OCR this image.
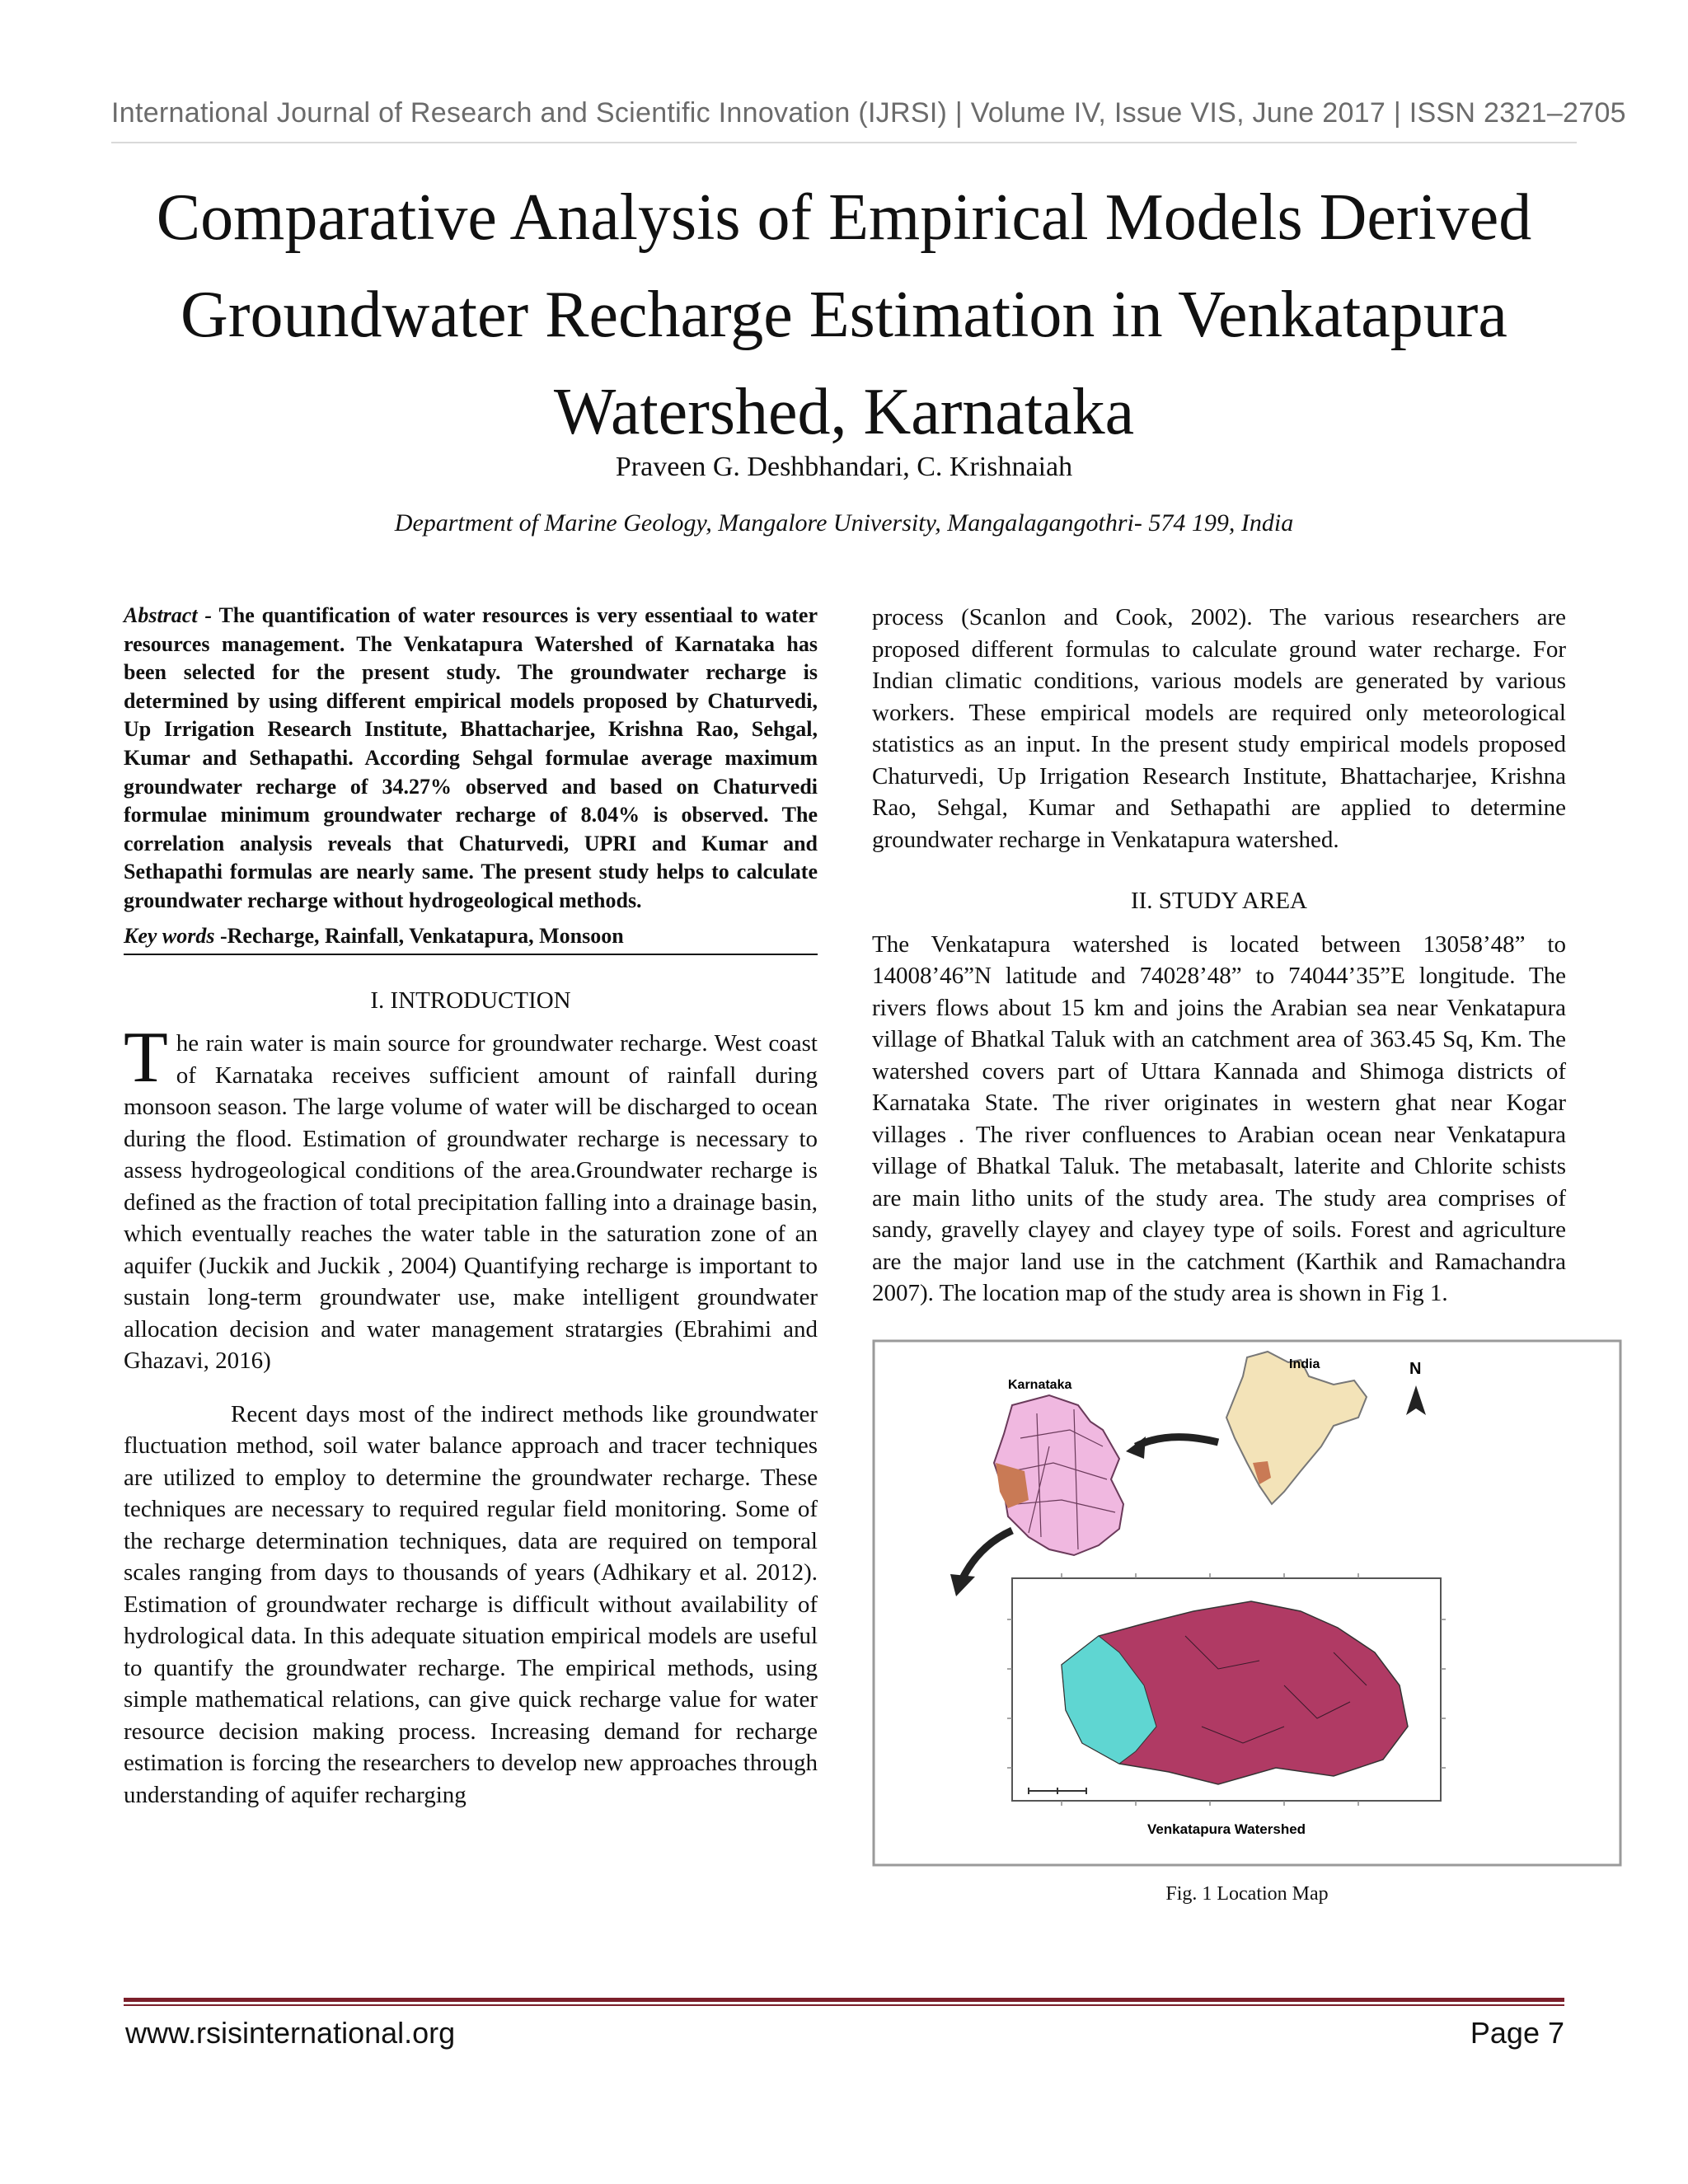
International Journal of Research and Scientific Innovation (IJRSI) | Volume IV, Issue VIS, June 2017 | ISSN 2321–2705
Comparative Analysis of Empirical Models Derived Groundwater Recharge Estimation in Venkatapura Watershed, Karnataka
Praveen G. Deshbhandari, C. Krishnaiah
Department of Marine Geology, Mangalore University, Mangalagangothri- 574 199, India

Abstract - The quantification of water resources is very essentiaal to water resources management. The Venkatapura Watershed of Karnataka has been selected for the present study. The groundwater recharge is determined by using different empirical models proposed by Chaturvedi, Up Irrigation Research Institute, Bhattacharjee, Krishna Rao, Sehgal, Kumar and Sethapathi. According Sehgal formulae average maximum groundwater recharge of 34.27% observed and based on Chaturvedi formulae minimum groundwater recharge of 8.04% is observed. The correlation analysis reveals that Chaturvedi, UPRI and Kumar and Sethapathi formulas are nearly same. The present study helps to calculate groundwater recharge without hydrogeological methods.

Key words -Recharge, Rainfall, Venkatapura, Monsoon

I. INTRODUCTION

The rain water is main source for groundwater recharge. West coast of Karnataka receives sufficient amount of rainfall during monsoon season. The large volume of water will be discharged to ocean during the flood. Estimation of groundwater recharge is necessary to assess hydrogeological conditions of the area.Groundwater recharge is defined as the fraction of total precipitation falling into a drainage basin, which eventually reaches the water table in the saturation zone of an aquifer (Juckik and Juckik , 2004) Quantifying recharge is important to sustain long-term groundwater use, make intelligent groundwater allocation decision and water management stratargies (Ebrahimi and Ghazavi, 2016)

Recent days most of the indirect methods like groundwater fluctuation method, soil water balance approach and tracer techniques are utilized to employ to determine the groundwater recharge. These techniques are necessary to required regular field monitoring. Some of the recharge determination techniques, data are required on temporal scales ranging from days to thousands of years (Adhikary et al. 2012). Estimation of groundwater recharge is difficult without availability of hydrological data. In this adequate situation empirical models are useful to quantify the groundwater recharge. The empirical methods, using simple mathematical relations, can give quick recharge value for water resource decision making process. Increasing demand for recharge estimation is forcing the researchers to develop new approaches through understanding of aquifer recharging

process (Scanlon and Cook, 2002). The various researchers are proposed different formulas to calculate ground water recharge. For Indian climatic conditions, various models are generated by various workers. These empirical models are required only meteorological statistics as an input. In the present study empirical models proposed Chaturvedi, Up Irrigation Research Institute, Bhattacharjee, Krishna Rao, Sehgal, Kumar and Sethapathi are applied to determine groundwater recharge in Venkatapura watershed.

II. STUDY AREA

The Venkatapura watershed is located between 13058’48” to 14008’46”N latitude and 74028’48” to 74044’35”E longitude. The rivers flows about 15 km and joins the Arabian sea near Venkatapura village of Bhatkal Taluk with an catchment area of 363.45 Sq, Km. The watershed covers part of Uttara Kannada and Shimoga districts of Karnataka State. The river originates in western ghat near Kogar villages . The river confluences to Arabian ocean near Venkatapura village of Bhatkal Taluk. The metabasalt, laterite and Chlorite schists are main litho units of the study area. The study area comprises of sandy, gravelly clayey and clayey type of soils. Forest and agriculture are the major land use in the catchment (Karthik and Ramachandra 2007). The location map of the study area is shown in Fig 1.

India	N
Karnataka
Venkatapura Watershed
Fig. 1 Location Map
www.rsisinternational.org	Page 7
